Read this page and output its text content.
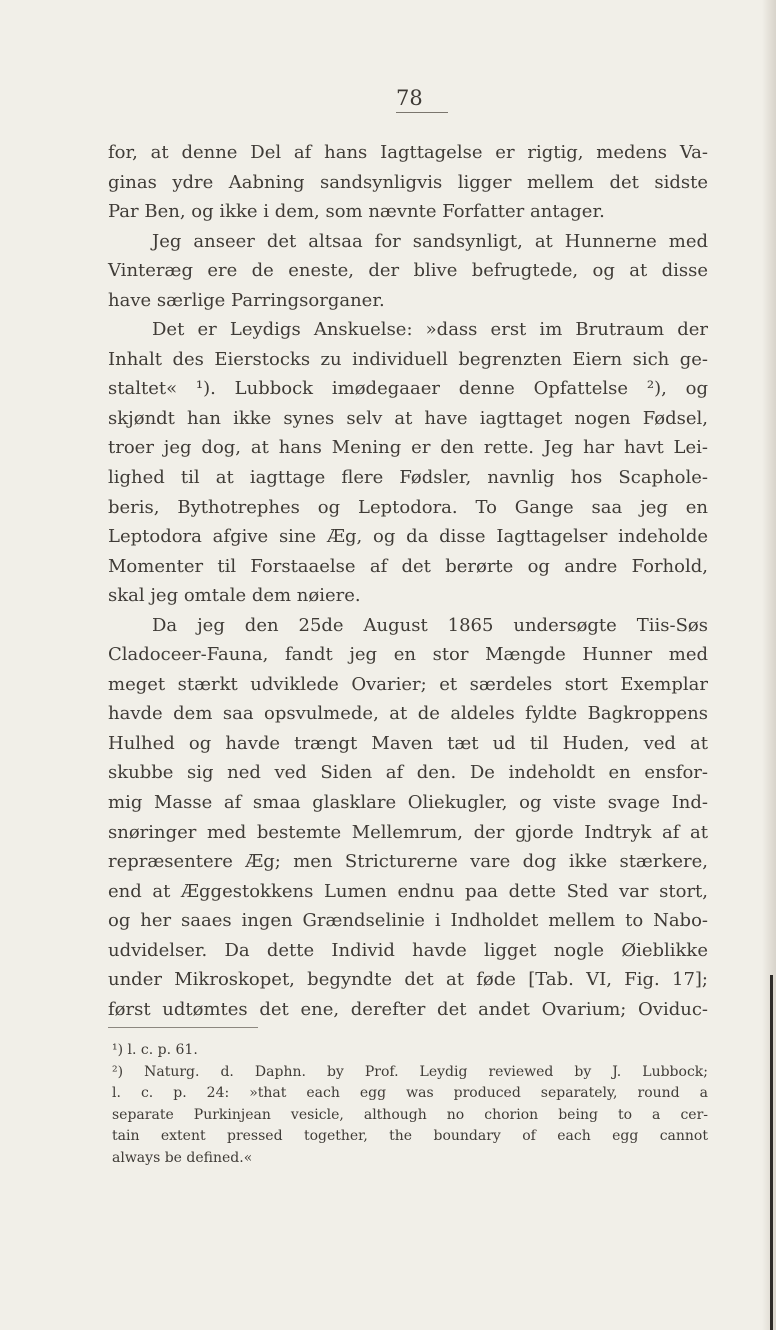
78
for, at denne Del af hans Iagttagelse er rigtig, medens Va-
ginas ydre Aabning sandsynligvis ligger mellem det sidste
Par Ben, og ikke i dem, som nævnte Forfatter antager.
Jeg anseer det altsaa for sandsynligt, at Hunnerne med
Vinteræg ere de eneste, der blive befrugtede, og at disse
have særlige Parringsorganer.
Det er Leydigs Anskuelse: »dass erst im Brutraum der
Inhalt des Eierstocks zu individuell begrenzten Eiern sich ge-
staltet« ¹). Lubbock imødegaaer denne Opfattelse ²), og
skjøndt han ikke synes selv at have iagttaget nogen Fødsel,
troer jeg dog, at hans Mening er den rette. Jeg har havt Lei-
lighed til at iagttage flere Fødsler, navnlig hos Scaphole-
beris, Bythotrephes og Leptodora. To Gange saa jeg en
Leptodora afgive sine Æg, og da disse Iagttagelser indeholde
Momenter til Forstaaelse af det berørte og andre Forhold,
skal jeg omtale dem nøiere.
Da jeg den 25de August 1865 undersøgte Tiis-Søs
Cladoceer-Fauna, fandt jeg en stor Mængde Hunner med
meget stærkt udviklede Ovarier; et særdeles stort Exemplar
havde dem saa opsvulmede, at de aldeles fyldte Bagkroppens
Hulhed og havde trængt Maven tæt ud til Huden, ved at
skubbe sig ned ved Siden af den. De indeholdt en ensfor-
mig Masse af smaa glasklare Oliekugler, og viste svage Ind-
snøringer med bestemte Mellemrum, der gjorde Indtryk af at
repræsentere Æg; men Stricturerne vare dog ikke stærkere,
end at Æggestokkens Lumen endnu paa dette Sted var stort,
og her saaes ingen Grændselinie i Indholdet mellem to Nabo-
udvidelser. Da dette Individ havde ligget nogle Øieblikke
under Mikroskopet, begyndte det at føde [Tab. VI, Fig. 17];
først udtømtes det ene, derefter det andet Ovarium; Oviduc-
¹) l. c. p. 61.
²) Naturg. d. Daphn. by Prof. Leydig reviewed by J. Lubbock;
l. c. p. 24: »that each egg was produced separately, round a
separate Purkinjean vesicle, although no chorion being to a cer-
tain extent pressed together, the boundary of each egg cannot
always be defined.«
